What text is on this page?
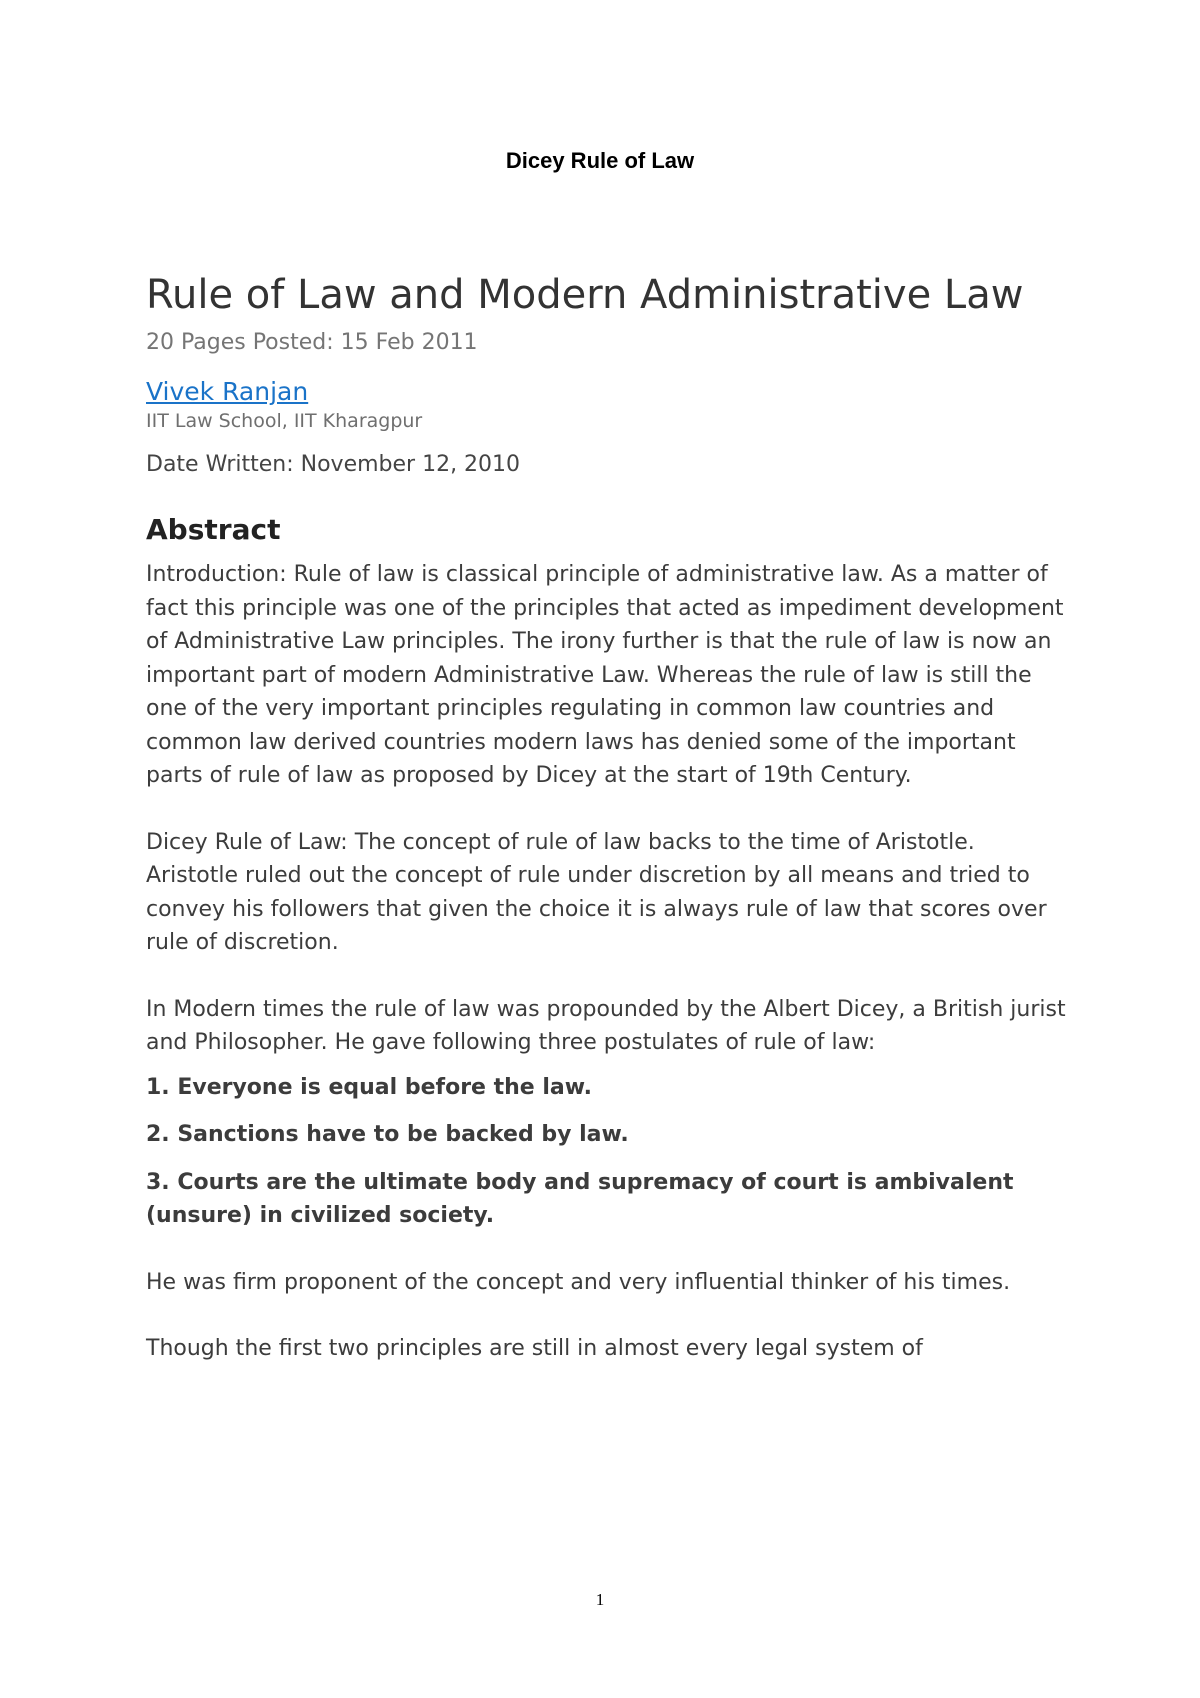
Dicey Rule of Law
Rule of Law and Modern Administrative Law
20 Pages Posted: 15 Feb 2011
Vivek Ranjan
IIT Law School, IIT Kharagpur
Date Written: November 12, 2010
Abstract

Introduction: Rule of law is classical principle of administrative law. As a matter of fact this principle was one of the principles that acted as impediment development of Administrative Law principles. The irony further is that the rule of law is now an important part of modern Administrative Law. Whereas the rule of law is still the one of the very important principles regulating in common law countries and common law derived countries modern laws has denied some of the important parts of rule of law as proposed by Dicey at the start of 19th Century.

Dicey Rule of Law: The concept of rule of law backs to the time of Aristotle. Aristotle ruled out the concept of rule under discretion by all means and tried to convey his followers that given the choice it is always rule of law that scores over rule of discretion.

In Modern times the rule of law was propounded by the Albert Dicey, a British jurist and Philosopher. He gave following three postulates of rule of law:

1. Everyone is equal before the law.

2. Sanctions have to be backed by law.

3. Courts are the ultimate body and supremacy of court is ambivalent (unsure) in civilized society.

He was firm proponent of the concept and very influential thinker of his times.

Though the first two principles are still in almost every legal system of

1
